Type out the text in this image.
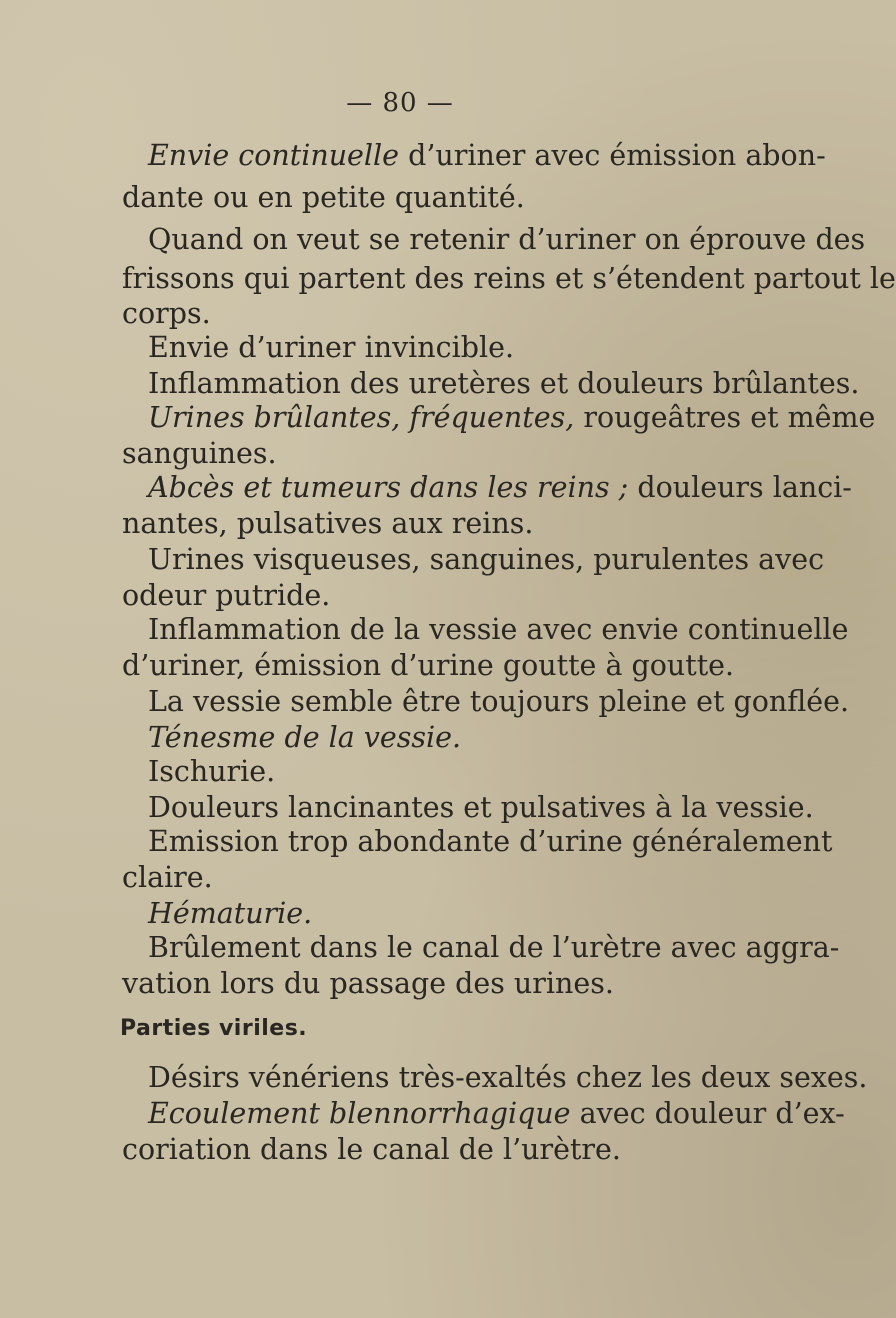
— 80 —
Envie continuelle d’uriner avec émission abon-
dante ou en petite quantité.
Quand on veut se retenir d’uriner on éprouve des
frissons qui partent des reins et s’étendent partout le
corps.
Envie d’uriner invincible.
Inflammation des uretères et douleurs brûlantes.
Urines brûlantes, fréquentes, rougeâtres et même
sanguines.
Abcès et tumeurs dans les reins ; douleurs lanci-
nantes, pulsatives aux reins.
Urines visqueuses, sanguines, purulentes avec
odeur putride.
Inflammation de la vessie avec envie continuelle
d’uriner, émission d’urine goutte à goutte.
La vessie semble être toujours pleine et gonflée.
Ténesme de la vessie.
Ischurie.
Douleurs lancinantes et pulsatives à la vessie.
Emission trop abondante d’urine généralement
claire.
Hématurie.
Brûlement dans le canal de l’urètre avec aggra-
vation lors du passage des urines.
Parties viriles.
Désirs vénériens très-exaltés chez les deux sexes.
Ecoulement blennorrhagique avec douleur d’ex-
coriation dans le canal de l’urètre.
